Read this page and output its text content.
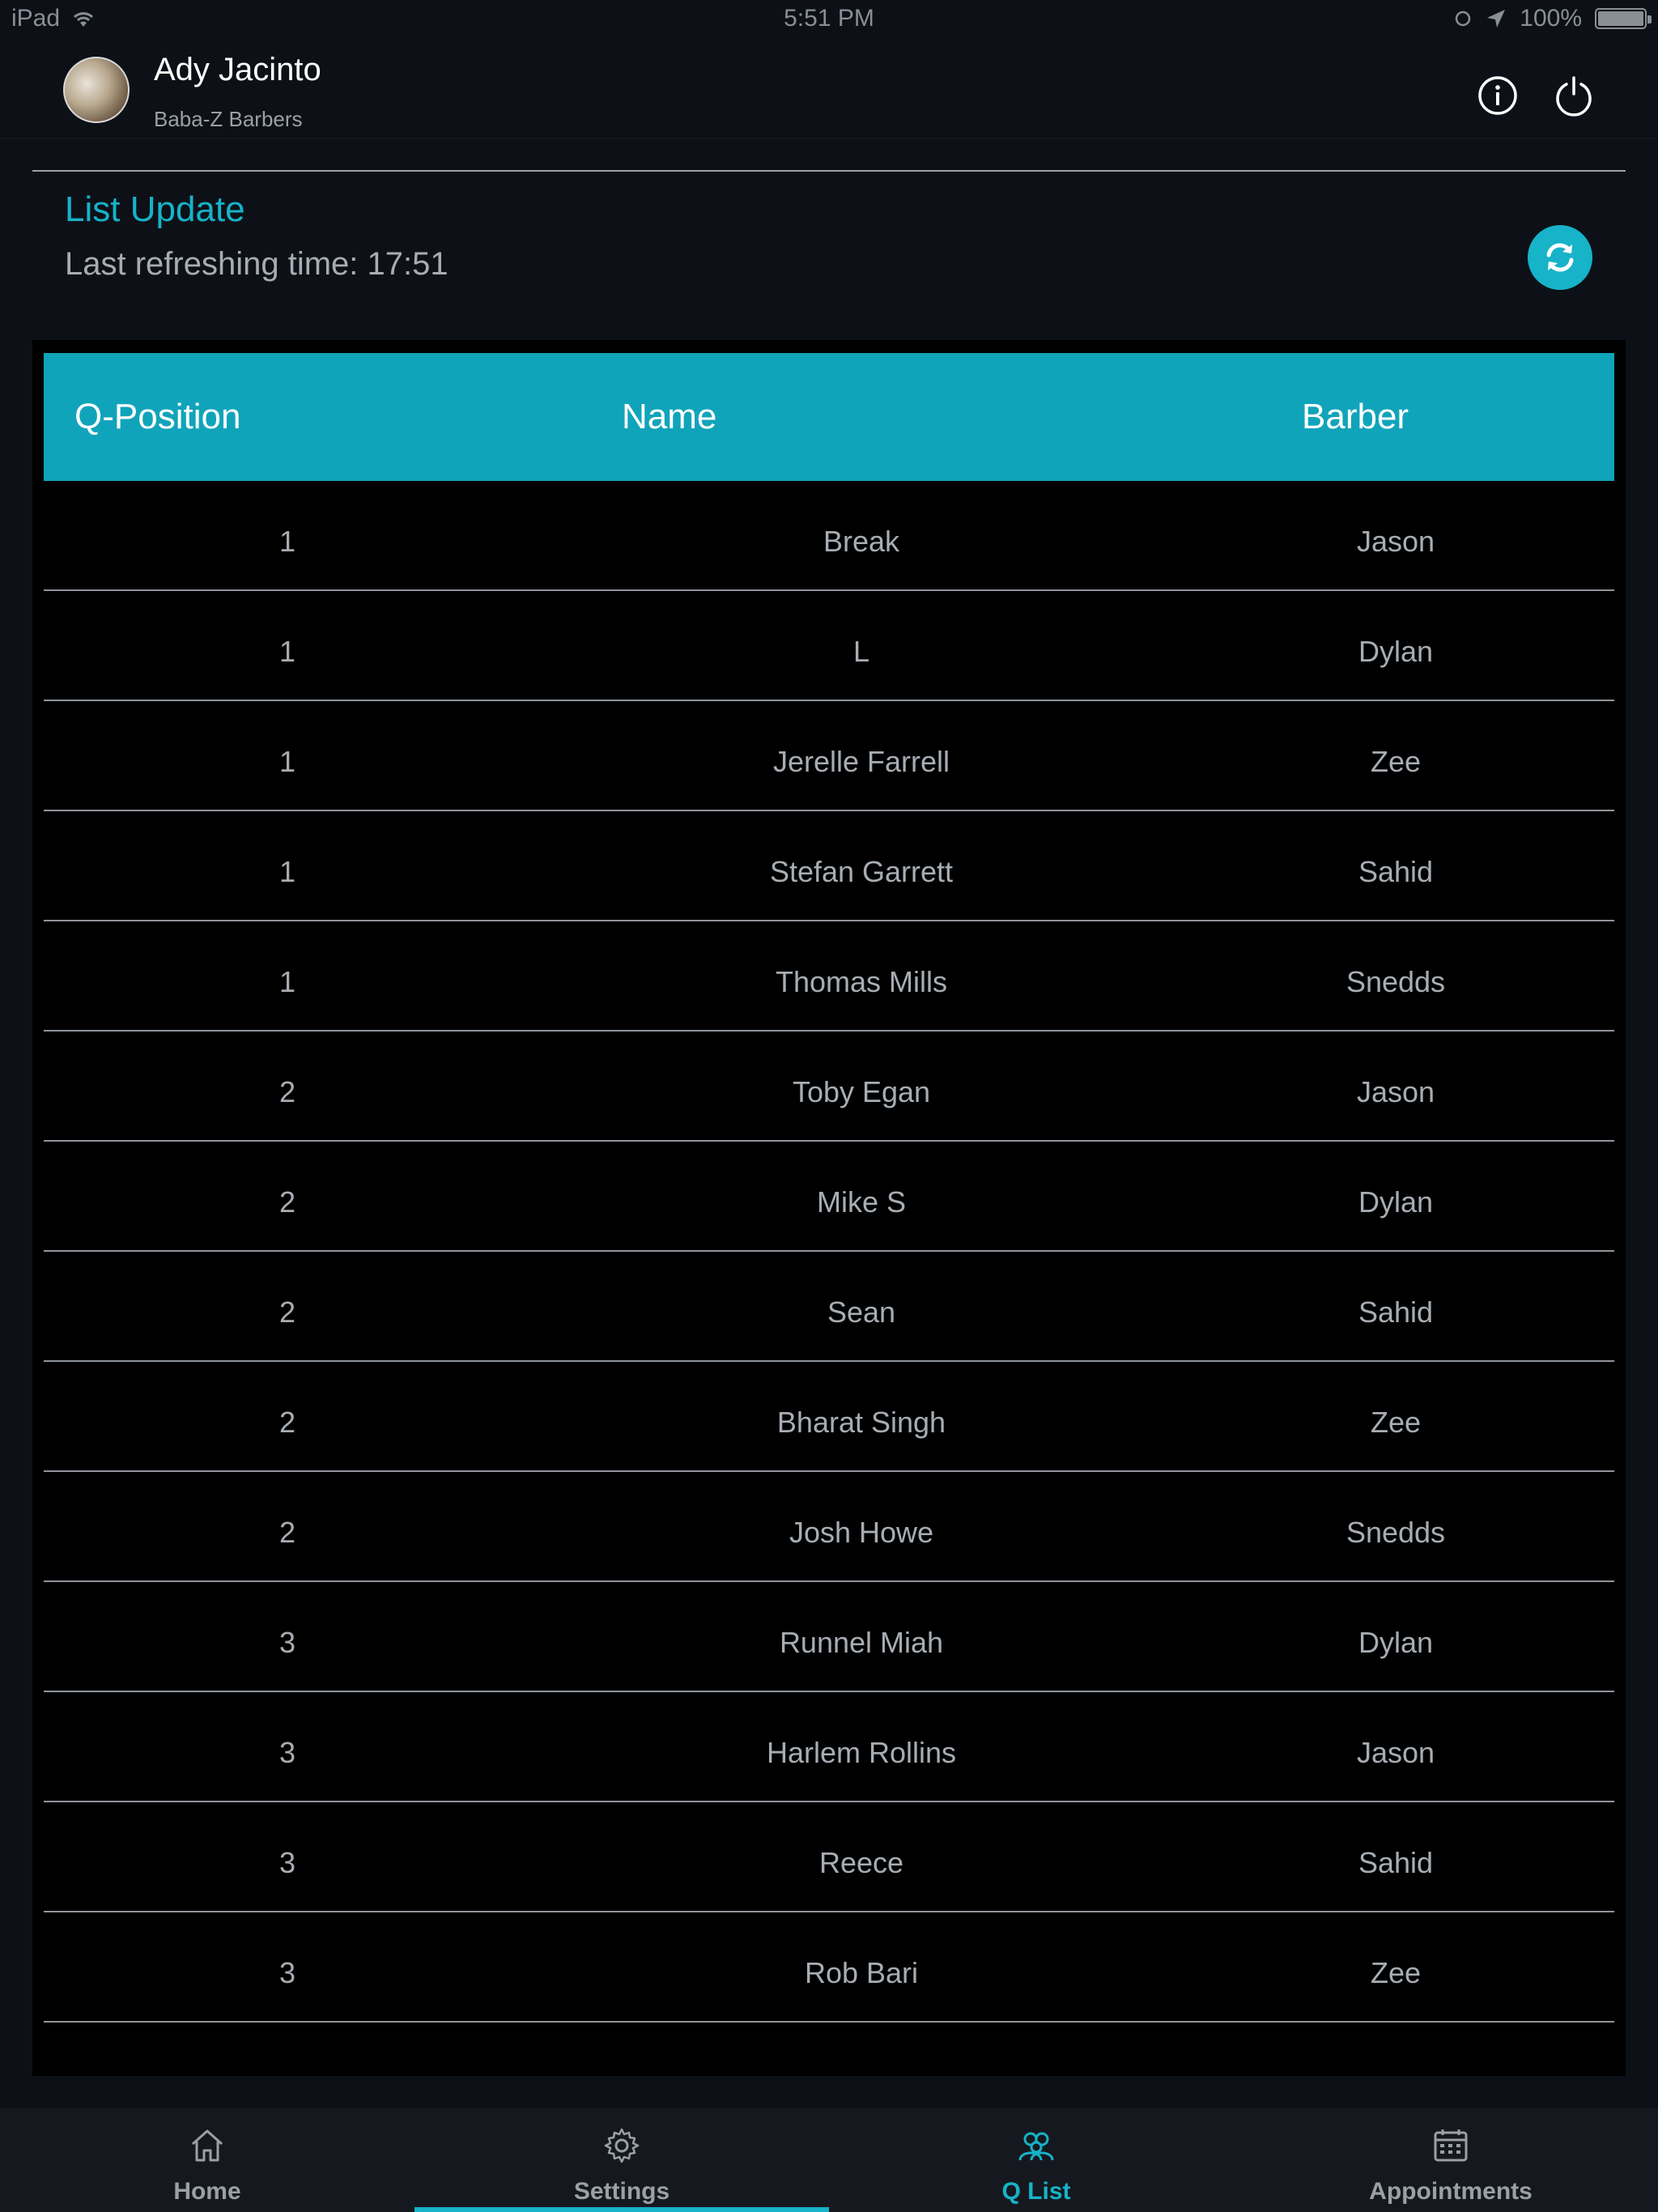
iPad	5:51 PM	100%
Ady Jacinto
Baba-Z Barbers
List Update
Last refreshing time: 17:51
Q-Position	Name	Barber
1	Break	Jason
1	L	Dylan
1	Jerelle Farrell	Zee
1	Stefan Garrett	Sahid
1	Thomas Mills	Snedds
2	Toby Egan	Jason
2	Mike S	Dylan
2	Sean	Sahid
2	Bharat Singh	Zee
2	Josh Howe	Snedds
3	Runnel Miah	Dylan
3	Harlem Rollins	Jason
3	Reece	Sahid
3	Rob Bari	Zee
Home	Settings	Q List	Appointments
